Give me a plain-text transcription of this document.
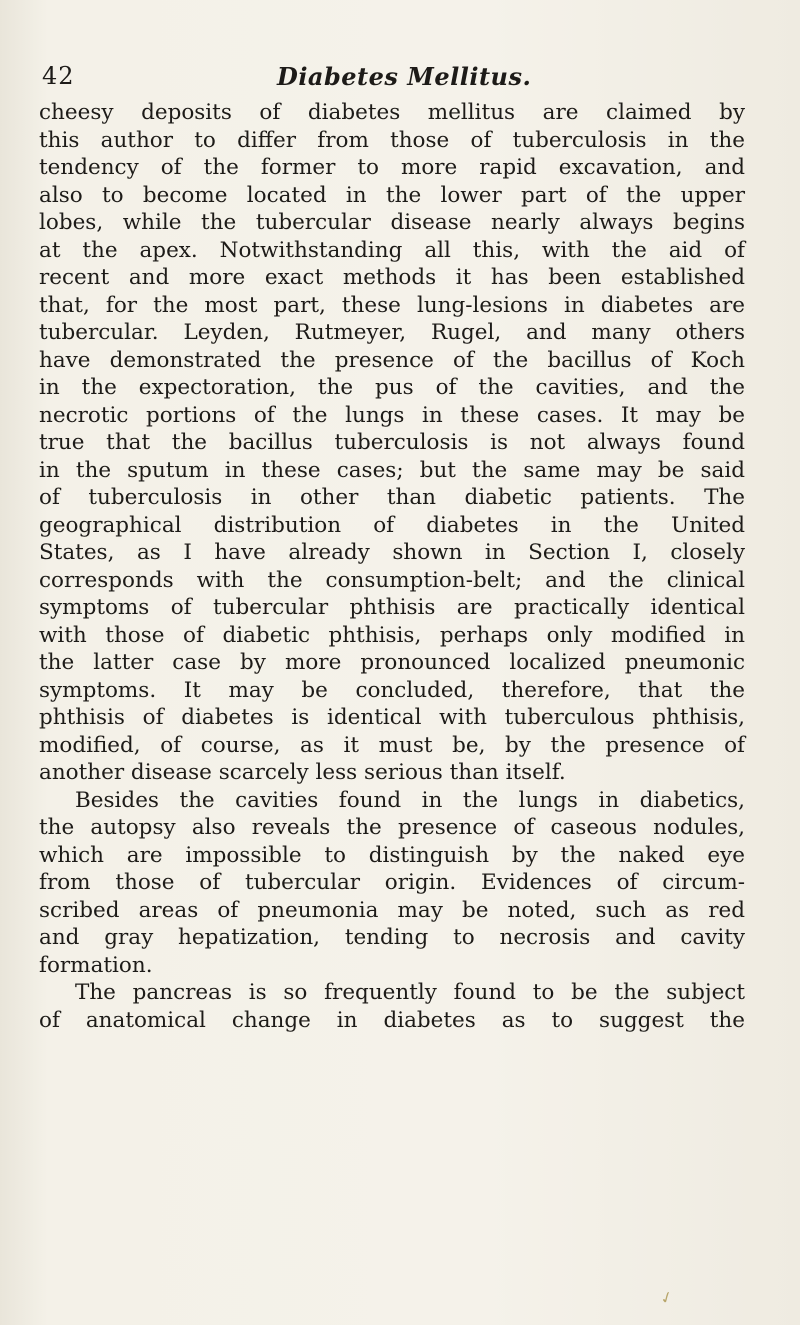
42	Diabetes Mellitus.
cheesy deposits of diabetes mellitus are claimed by
this author to differ from those of tuberculosis in the
tendency of the former to more rapid excavation, and
also to become located in the lower part of the upper
lobes, while the tubercular disease nearly always begins
at the apex. Notwithstanding all this, with the aid of
recent and more exact methods it has been established
that, for the most part, these lung-lesions in diabetes are
tubercular. Leyden, Rutmeyer, Rugel, and many others
have demonstrated the presence of the bacillus of Koch
in the expectoration, the pus of the cavities, and the
necrotic portions of the lungs in these cases. It may be
true that the bacillus tuberculosis is not always found
in the sputum in these cases; but the same may be said
of tuberculosis in other than diabetic patients. The
geographical distribution of diabetes in the United
States, as I have already shown in Section I, closely
corresponds with the consumption-belt; and the clinical
symptoms of tubercular phthisis are practically identical
with those of diabetic phthisis, perhaps only modified in
the latter case by more pronounced localized pneumonic
symptoms. It may be concluded, therefore, that the
phthisis of diabetes is identical with tuberculous phthisis,
modified, of course, as it must be, by the presence of
another disease scarcely less serious than itself.
Besides the cavities found in the lungs in diabetics,
the autopsy also reveals the presence of caseous nodules,
which are impossible to distinguish by the naked eye
from those of tubercular origin. Evidences of circum-
scribed areas of pneumonia may be noted, such as red
and gray hepatization, tending to necrosis and cavity
formation.
The pancreas is so frequently found to be the subject
of anatomical change in diabetes as to suggest the
✓
